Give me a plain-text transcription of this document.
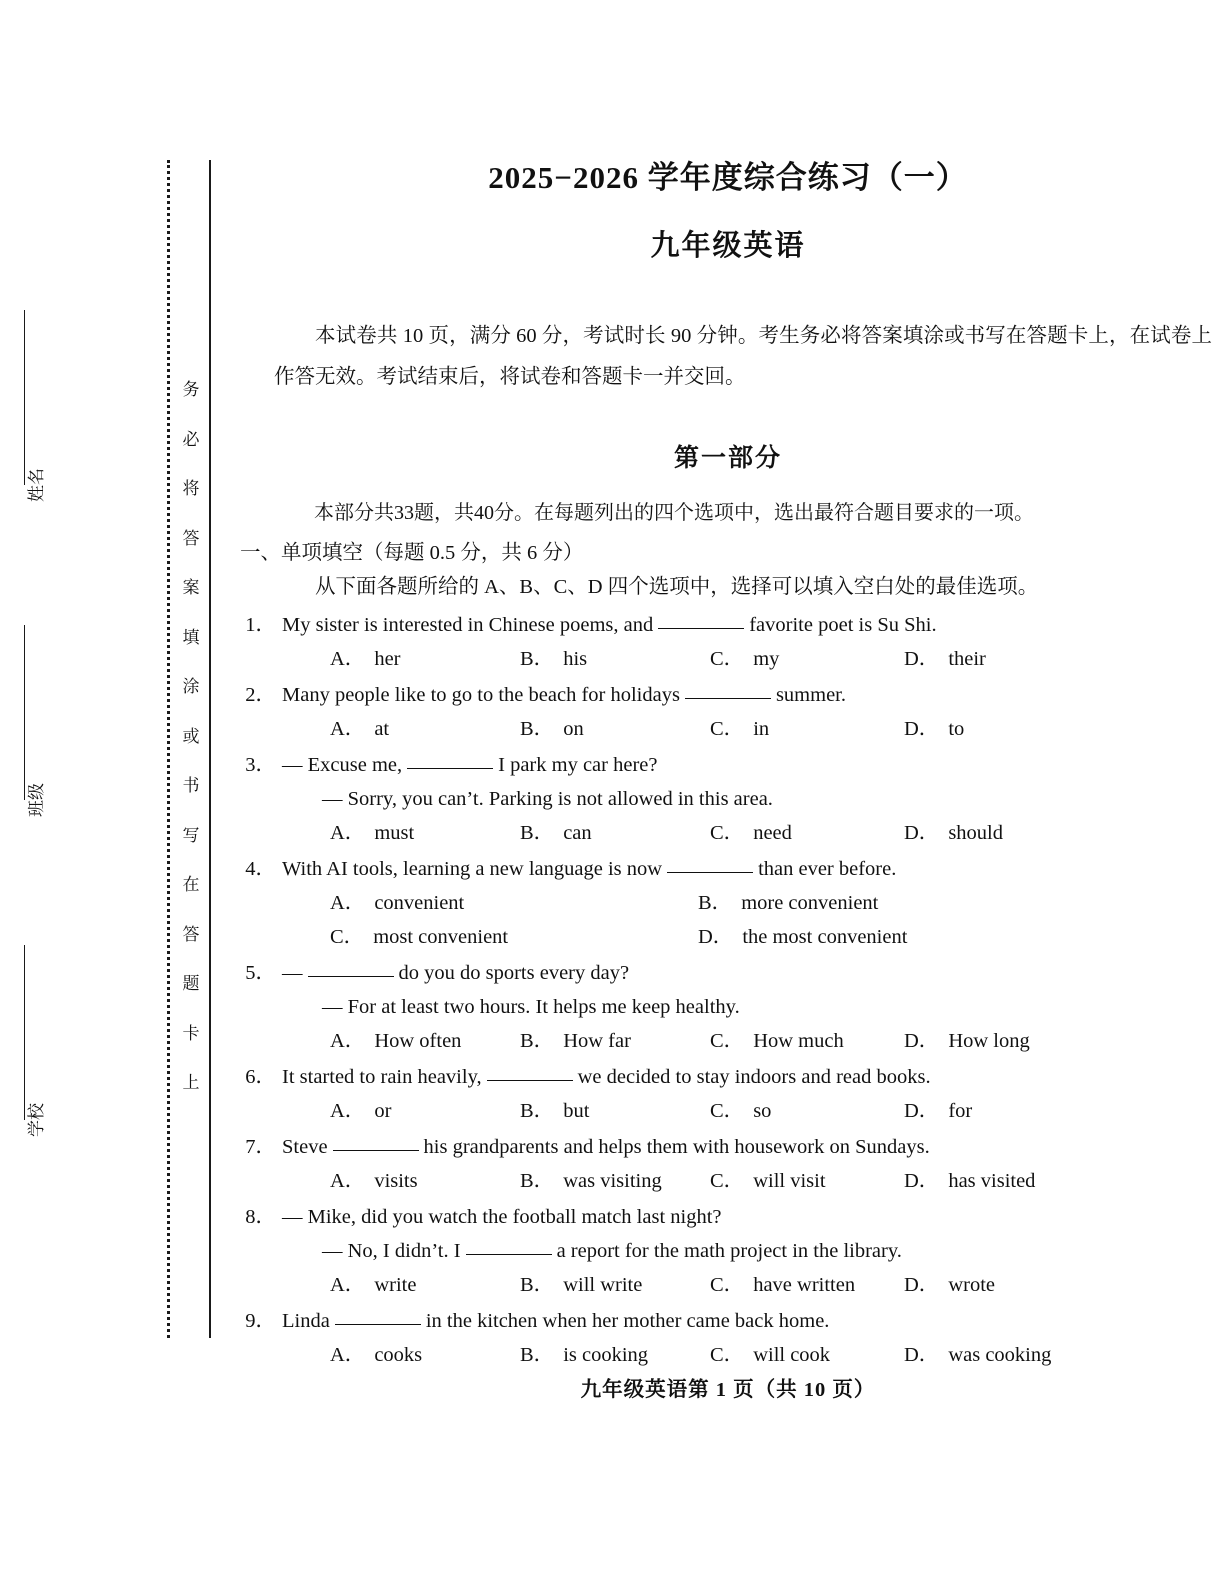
务
必
将
答
案
填
涂
或
书
写
在
答
题
卡
上
姓名
班级
学校
2025−2026 学年度综合练习（一）
九年级英语

本试卷共 10 页，满分 60 分，考试时长 90 分钟。考生务必将答案填涂或书写在答题卡上，在试卷上作答无效。考试结束后，将试卷和答题卡一并交回。

第一部分

本部分共33题，共40分。在每题列出的四个选项中，选出最符合题目要求的一项。

一、单项填空（每题 0.5 分，共 6 分）

从下面各题所给的 A、B、C、D 四个选项中，选择可以填入空白处的最佳选项。

1． My sister is interested in Chinese poems, and	favorite poet is Su Shi.
A． her	B． his	C． my	D． their
2． Many people like to go to the beach for holidays	summer.
A． at	B． on	C． in	D． to
3． — Excuse me,	I park my car here?
— Sorry, you can’t. Parking is not allowed in this area.
A． must	B． can	C． need	D． should
4． With AI tools, learning a new language is now	than ever before.
A． convenient	B． more convenient
C． most convenient	D． the most convenient
5． —	do you do sports every day?
— For at least two hours. It helps me keep healthy.
A． How often	B． How far	C． How much	D． How long
6． It started to rain heavily,	we decided to stay indoors and read books.
A． or	B． but	C． so	D． for
7． Steve	his grandparents and helps them with housework on Sundays.
A． visits	B． was visiting C． will visit	D． has visited
8． — Mike, did you watch the football match last night?
— No, I didn’t. I	a report for the math project in the library.
A． write	B． will write	C． have written D． wrote
9． Linda	in the kitchen when her mother came back home.
A． cooks	B． is cooking	C． will cook	D． was cooking
九年级英语第 1 页（共 10 页）
